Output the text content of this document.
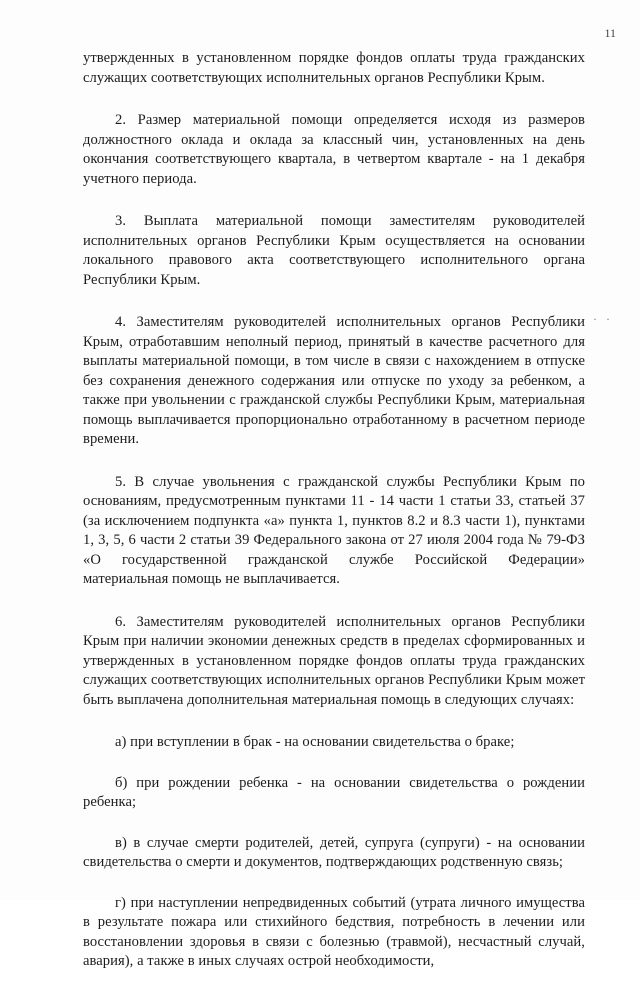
11
· ·

утвержденных в установленном порядке фондов оплаты труда гражданских служащих соответствующих исполнительных органов Республики Крым.

2. Размер материальной помощи определяется исходя из размеров должностного оклада и оклада за классный чин, установленных на день окончания соответствующего квартала, в четвертом квартале - на 1 декабря учетного периода.

3. Выплата материальной помощи заместителям руководителей исполнительных органов Республики Крым осуществляется на основании локального правового акта соответствующего исполнительного органа Республики Крым.

4. Заместителям руководителей исполнительных органов Республики Крым, отработавшим неполный период, принятый в качестве расчетного для выплаты материальной помощи, в том числе в связи с нахождением в отпуске без сохранения денежного содержания или отпуске по уходу за ребенком, а также при увольнении с гражданской службы Республики Крым, материальная помощь выплачивается пропорционально отработанному в расчетном периоде времени.

5. В случае увольнения с гражданской службы Республики Крым по основаниям, предусмотренным пунктами 11 - 14 части 1 статьи 33, статьей 37 (за исключением подпункта «а» пункта 1, пунктов 8.2 и 8.3 части 1), пунктами 1, 3, 5, 6 части 2 статьи 39 Федерального закона от 27 июля 2004 года № 79-ФЗ «О государственной гражданской службе Российской Федерации» материальная помощь не выплачивается.

6. Заместителям руководителей исполнительных органов Республики Крым при наличии экономии денежных средств в пределах сформированных и утвержденных в установленном порядке фондов оплаты труда гражданских служащих соответствующих исполнительных органов Республики Крым может быть выплачена дополнительная материальная помощь в следующих случаях:

а) при вступлении в брак - на основании свидетельства о браке;

б) при рождении ребенка - на основании свидетельства о рождении ребенка;

в) в случае смерти родителей, детей, супруга (супруги) - на основании свидетельства о смерти и документов, подтверждающих родственную связь;

г) при наступлении непредвиденных событий (утрата личного имущества в результате пожара или стихийного бедствия, потребность в лечении или восстановлении здоровья в связи с болезнью (травмой), несчастный случай, авария), а также в иных случаях острой необходимости,
